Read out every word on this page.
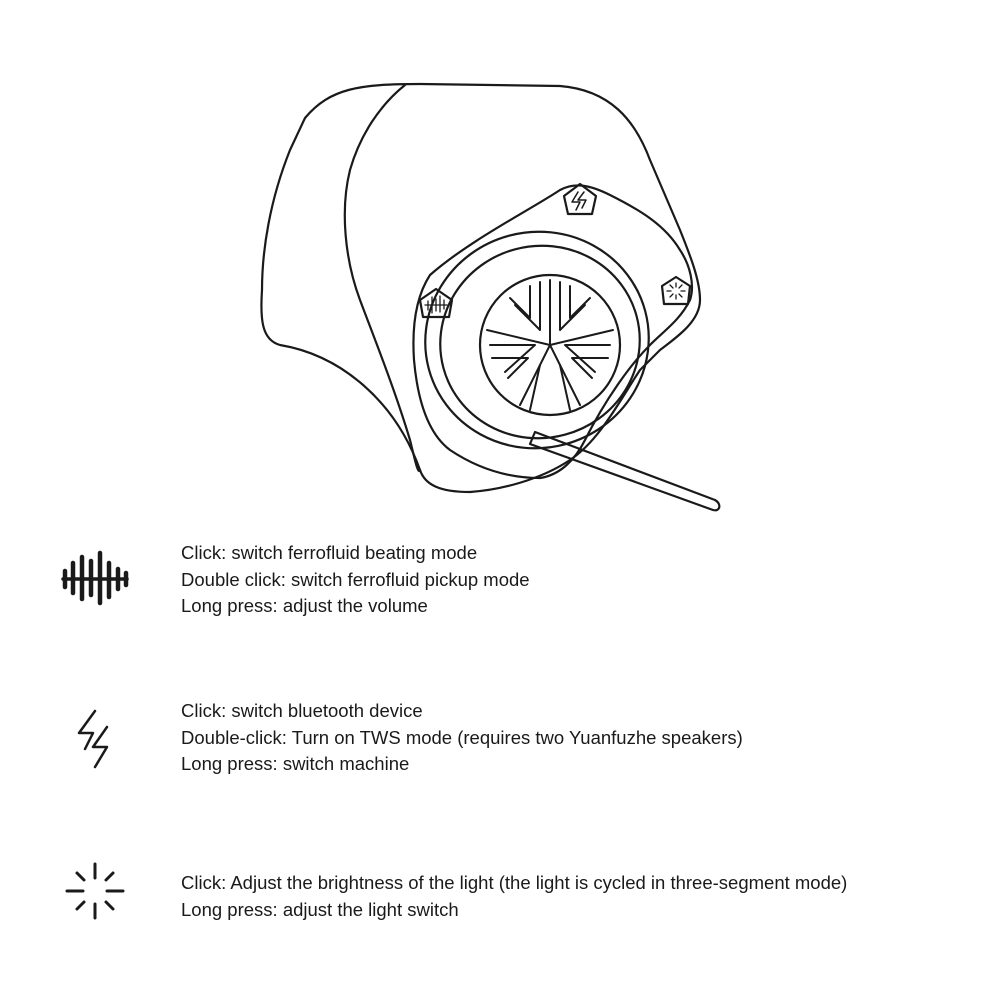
Click: switch ferrofluid beating mode
Double click: switch ferrofluid pickup mode
Long press: adjust the volume
Click: switch bluetooth device
Double-click: Turn on TWS mode (requires two Yuanfuzhe speakers)
Long press: switch machine
Click: Adjust the brightness of the light (the light is cycled in three-segment mode)
Long press: adjust the light switch
